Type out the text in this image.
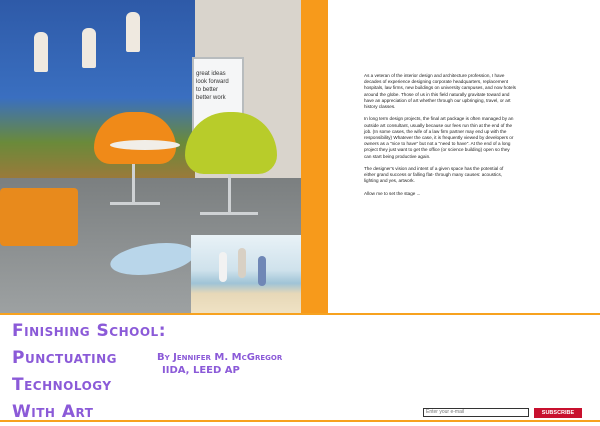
great ideas
look forward
to better
better work

As a veteran of the interior design and architecture profession, I have decades of experience designing corporate headquarters, replacement hospitals, law firms, new buildings on university campuses, and now hotels around the globe. Those of us in this field naturally gravitate toward and have an appreciation of art whether through our upbringing, travel, or art history classes.

In long term design projects, the final art package is often managed by an outside art consultant, usually because our fees run thin at the end of the job. (In some cases, the wife of a law firm partner may end up with the responsibility) Whatever the case, it is frequently viewed by developers or owners as a "nice to have" but not a "need to have". At the end of a long project they just want to get the office (or science building) open so they can start being productive again.

The designer's vision and intent of a given space has the potential of either grand success or falling flat- through many causes: acoustics, lighting and yes, artwork.

Allow me to set the stage ...

Finishing School:
Punctuating
Technology
With Art
By Jennifer M. McGregor
IIDA, LEED AP
Enter your e-mail
SUBSCRIBE
